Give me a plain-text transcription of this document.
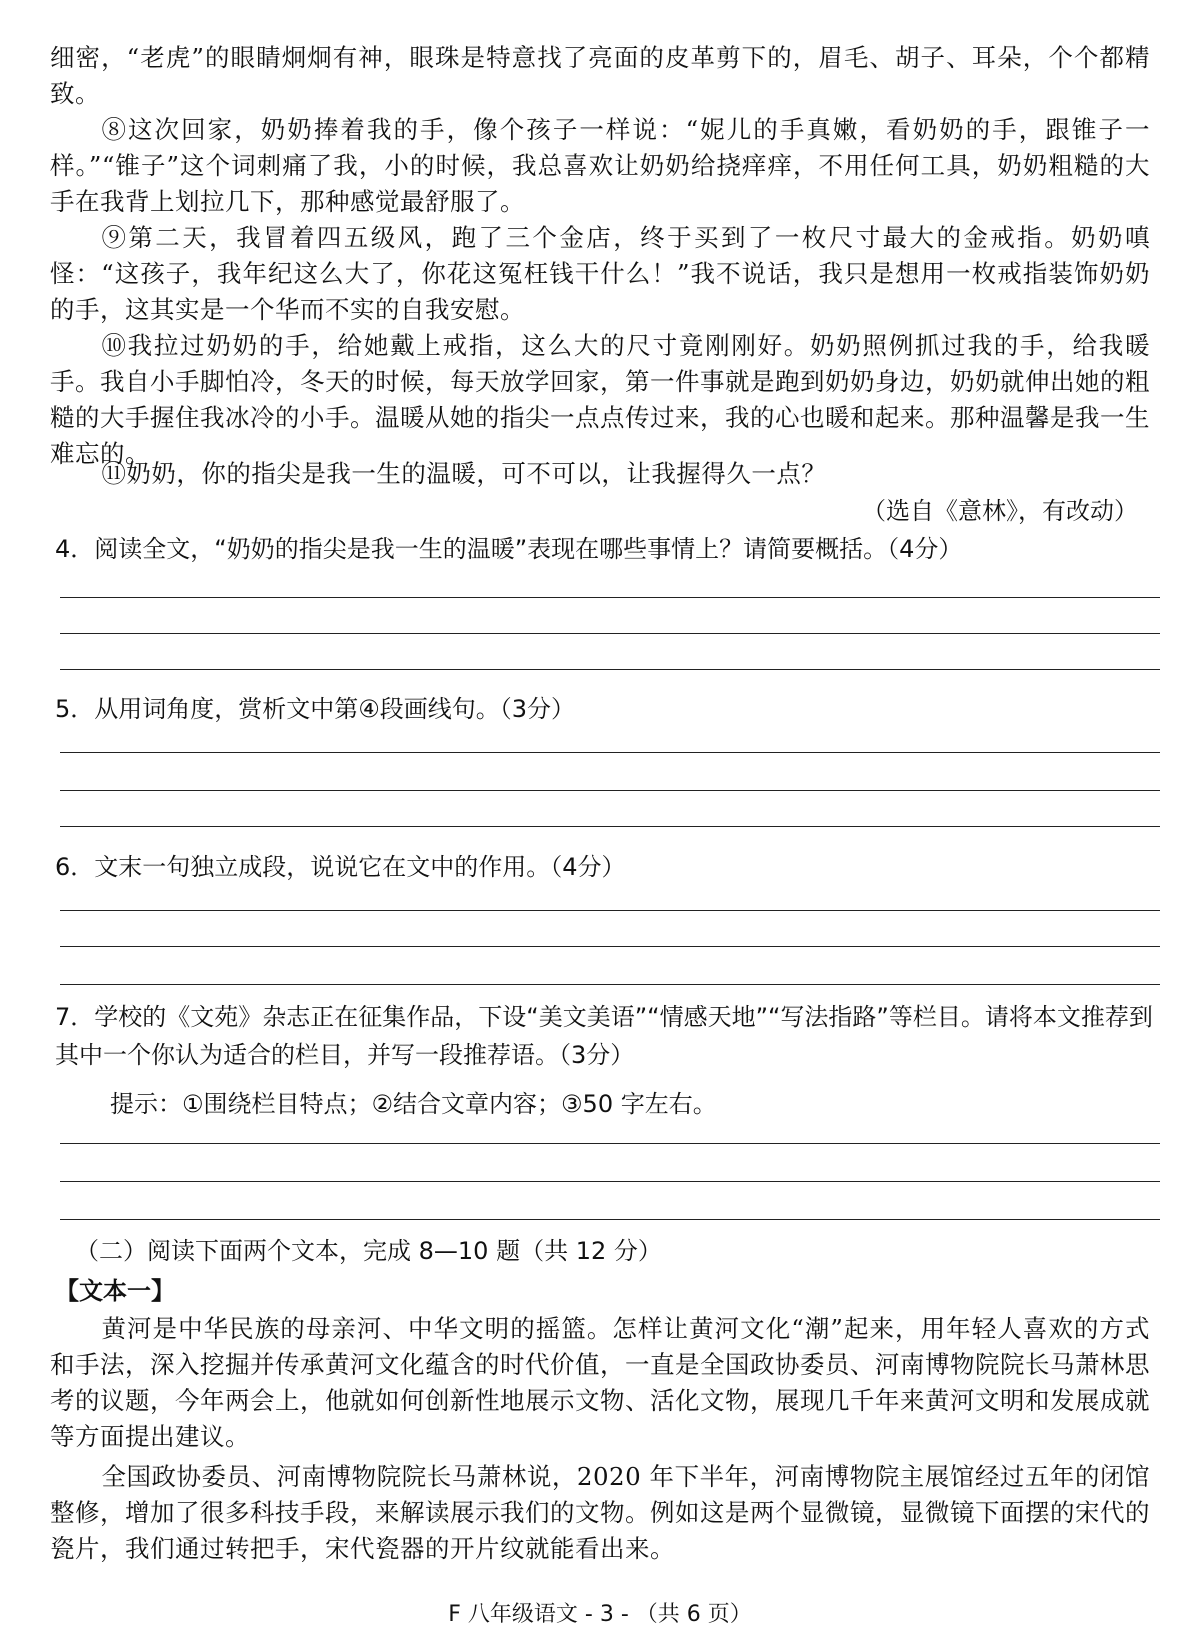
细密，“老虎”的眼睛炯炯有神，眼珠是特意找了亮面的皮革剪下的，眉毛、胡子、耳朵，个个都精致。

⑧这次回家，奶奶捧着我的手，像个孩子一样说：“妮儿的手真嫩，看奶奶的手，跟锥子一样。”“锥子”这个词刺痛了我，小的时候，我总喜欢让奶奶给挠痒痒，不用任何工具，奶奶粗糙的大手在我背上划拉几下，那种感觉最舒服了。

⑨第二天，我冒着四五级风，跑了三个金店，终于买到了一枚尺寸最大的金戒指。奶奶嗔怪：“这孩子，我年纪这么大了，你花这冤枉钱干什么！”我不说话，我只是想用一枚戒指装饰奶奶的手，这其实是一个华而不实的自我安慰。

⑩我拉过奶奶的手，给她戴上戒指，这么大的尺寸竟刚刚好。奶奶照例抓过我的手，给我暖手。我自小手脚怕冷，冬天的时候，每天放学回家，第一件事就是跑到奶奶身边，奶奶就伸出她的粗糙的大手握住我冰冷的小手。温暖从她的指尖一点点传过来，我的心也暖和起来。那种温馨是我一生难忘的。

⑪奶奶，你的指尖是我一生的温暖，可不可以，让我握得久一点？

（选自《意林》，有改动）

4．阅读全文，“奶奶的指尖是我一生的温暖”表现在哪些事情上？请简要概括。（4分）

5．从用词角度，赏析文中第④段画线句。（3分）

6．文末一句独立成段，说说它在文中的作用。（4分）

7．学校的《文苑》杂志正在征集作品，下设“美文美语”“情感天地”“写法指路”等栏目。请将本文推荐到其中一个你认为适合的栏目，并写一段推荐语。（3分）

提示：①围绕栏目特点；②结合文章内容；③50 字左右。
（二）阅读下面两个文本，完成 8—10 题（共 12 分）
【文本一】

黄河是中华民族的母亲河、中华文明的摇篮。怎样让黄河文化“潮”起来，用年轻人喜欢的方式和手法，深入挖掘并传承黄河文化蕴含的时代价值，一直是全国政协委员、河南博物院院长马萧林思考的议题，今年两会上，他就如何创新性地展示文物、活化文物，展现几千年来黄河文明和发展成就等方面提出建议。

全国政协委员、河南博物院院长马萧林说，2020 年下半年，河南博物院主展馆经过五年的闭馆整修，增加了很多科技手段，来解读展示我们的文物。例如这是两个显微镜，显微镜下面摆的宋代的瓷片，我们通过转把手，宋代瓷器的开片纹就能看出来。

F 八年级语文 - 3 - （共 6 页）
